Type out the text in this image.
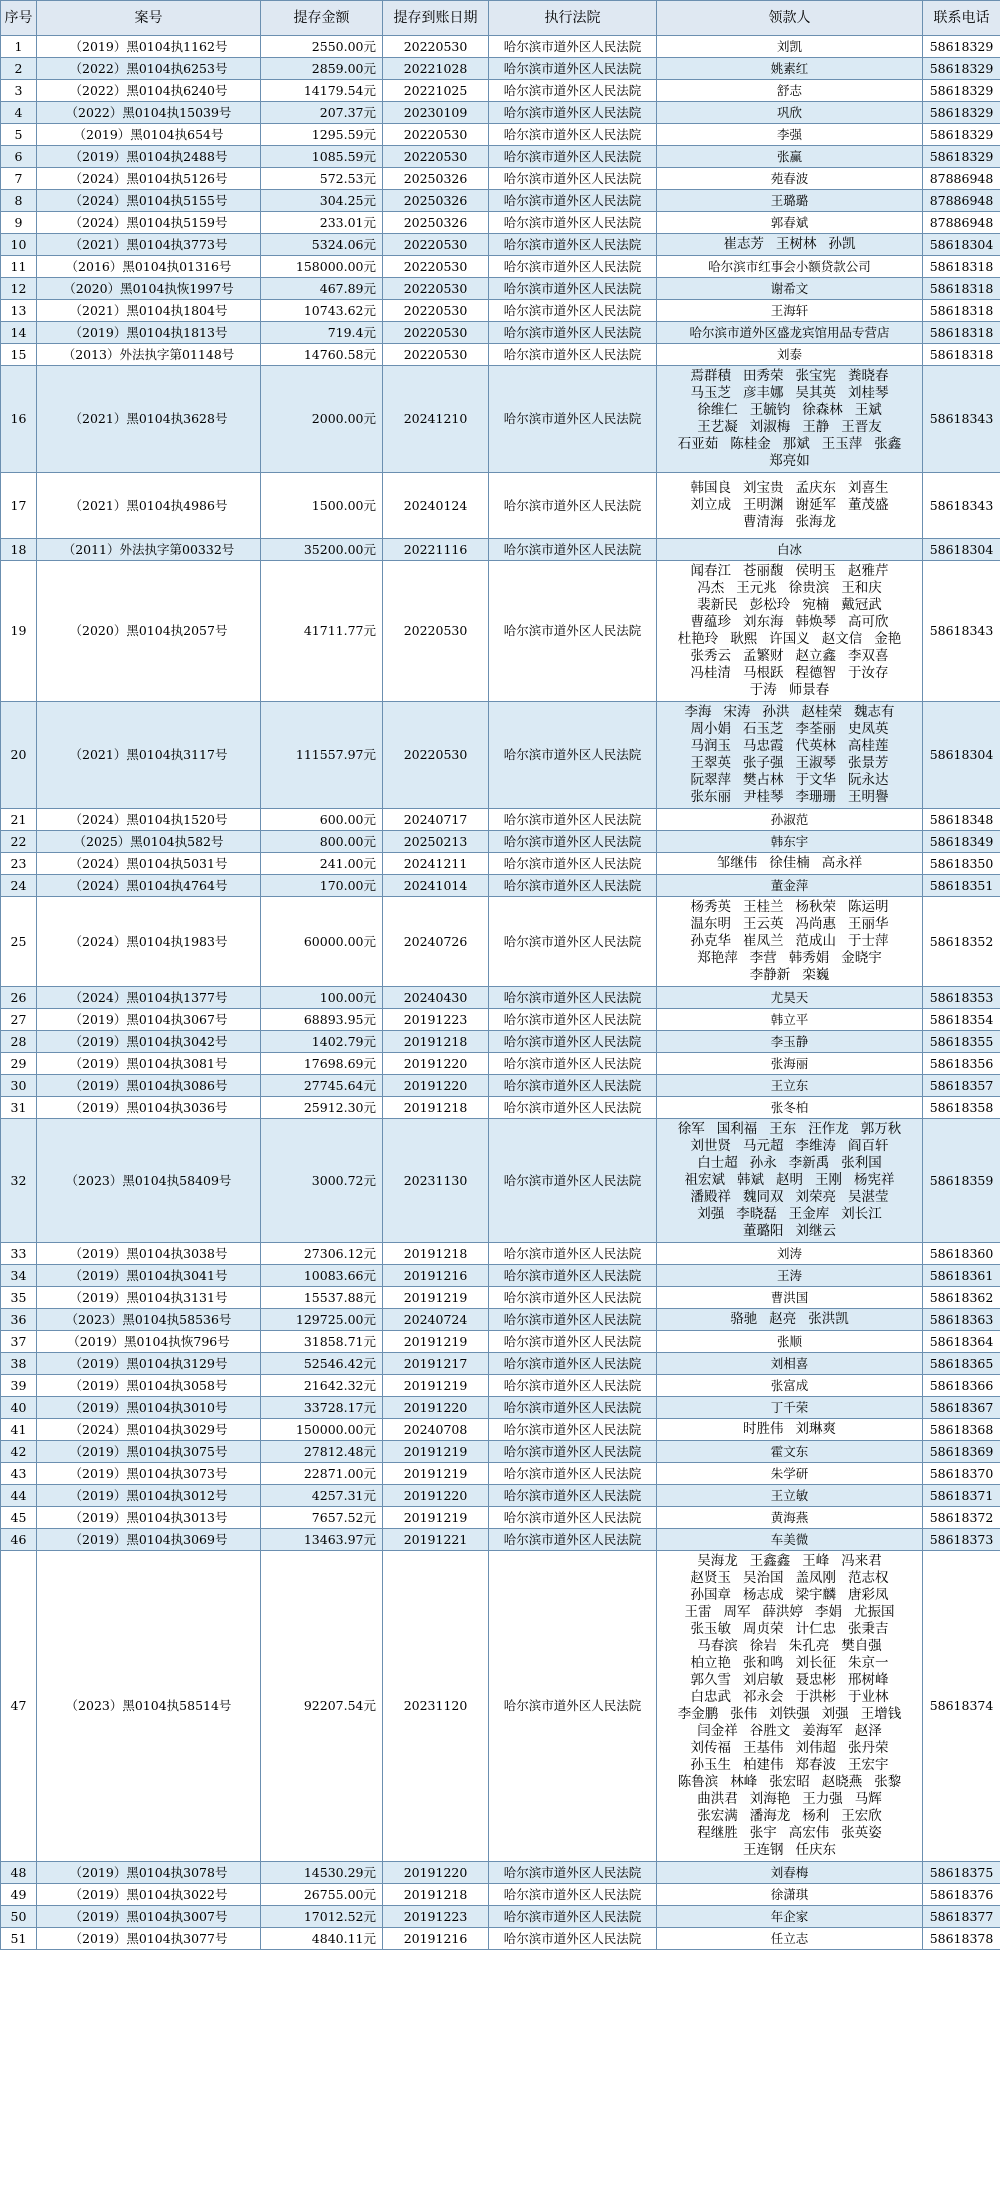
序号	案号	提存金额	提存到账日期	执行法院	领款人	联系电话
1	（2019）黑0104执1162号	2550.00元	20220530	哈尔滨市道外区人民法院	刘凯	58618329
2	（2022）黑0104执6253号	2859.00元	20221028	哈尔滨市道外区人民法院	姚素红	58618329
3	（2022）黑0104执6240号	14179.54元	20221025	哈尔滨市道外区人民法院	舒志	58618329
4	（2022）黑0104执15039号	207.37元	20230109	哈尔滨市道外区人民法院	巩欣	58618329
5	（2019）黑0104执654号	1295.59元	20220530	哈尔滨市道外区人民法院	李强	58618329
6	（2019）黑0104执2488号	1085.59元	20220530	哈尔滨市道外区人民法院	张赢	58618329
7	（2024）黑0104执5126号	572.53元	20250326	哈尔滨市道外区人民法院	苑春波	87886948
8	（2024）黑0104执5155号	304.25元	20250326	哈尔滨市道外区人民法院	王璐璐	87886948
9	（2024）黑0104执5159号	233.01元	20250326	哈尔滨市道外区人民法院	郭春斌	87886948
10	（2021）黑0104执3773号	5324.06元	20220530	哈尔滨市道外区人民法院	崔志芳 王树林 孙凯	58618304
11	（2016）黑0104执01316号	158000.00元	20220530	哈尔滨市道外区人民法院	哈尔滨市红事会小额贷款公司	58618318
12	（2020）黑0104执恢1997号	467.89元	20220530	哈尔滨市道外区人民法院	谢希文	58618318
13	（2021）黑0104执1804号	10743.62元	20220530	哈尔滨市道外区人民法院	王海轩	58618318
14	（2019）黑0104执1813号	719.4元	20220530	哈尔滨市道外区人民法院	哈尔滨市道外区盛龙宾馆用品专营店	58618318
15	（2013）外法执字第01148号	14760.58元	20220530	哈尔滨市道外区人民法院	刘泰	58618318
16	（2021）黑0104执3628号	2000.00元	20241210	哈尔滨市道外区人民法院	焉群積 田秀荣 张宝宪 粪晓春马玉芝 彦丰娜 吴其英 刘桂琴徐维仁 王毓钧 徐森林 王斌王艺凝 刘淑梅 王静 王晋友石亚茹 陈桂金 那斌 王玉萍 张鑫郑亮如	58618343
17	（2021）黑0104执4986号	1500.00元	20240124	哈尔滨市道外区人民法院	韩国良 刘宝贵 孟庆东 刘喜生刘立成 王明渊 谢延军 董茂盛曹清海 张海龙	58618343
18	（2011）外法执字第00332号	35200.00元	20221116	哈尔滨市道外区人民法院	白冰	58618304
19	（2020）黑0104执2057号	41711.77元	20220530	哈尔滨市道外区人民法院	闻春江 苍丽馥 侯明玉 赵雅芹冯杰 王元兆 徐贵滨 王和庆裴新民 彭松玲 宛楠 戴冠武曹蕴珍 刘东海 韩焕琴 高可欣杜艳玲 耿熙 许国义 赵文信 金艳张秀云 孟繁财 赵立鑫 李双喜冯桂清 马根跃 程德智 于汝存于涛 师景春	58618343
20	（2021）黑0104执3117号	111557.97元	20220530	哈尔滨市道外区人民法院	李海 宋涛 孙洪 赵桂荣 魏志有周小娟 石玉芝 李荃丽 史凤英马润玉 马忠霞 代英林 高桂莲王翠英 张子强 王淑琴 张景芳阮翠萍 樊占林 于文华 阮永达张东丽 尹桂琴 李珊珊 王明譽	58618304
21	（2024）黑0104执1520号	600.00元	20240717	哈尔滨市道外区人民法院	孙淑范	58618348
22	（2025）黑0104执582号	800.00元	20250213	哈尔滨市道外区人民法院	韩东宇	58618349
23	（2024）黑0104执5031号	241.00元	20241211	哈尔滨市道外区人民法院	邹继伟 徐佳楠 高永祥	58618350
24	（2024）黑0104执4764号	170.00元	20241014	哈尔滨市道外区人民法院	董金萍	58618351
25	（2024）黑0104执1983号	60000.00元	20240726	哈尔滨市道外区人民法院	杨秀英 王桂兰 杨秋荣 陈运明温东明 王云英 冯尚惠 王丽华孙克华 崔凤兰 范成山 于士萍郑艳萍 李营 韩秀娟 金晓宇李静新 栾巍	58618352
26	（2024）黑0104执1377号	100.00元	20240430	哈尔滨市道外区人民法院	尤昊天	58618353
27	（2019）黑0104执3067号	68893.95元	20191223	哈尔滨市道外区人民法院	韩立平	58618354
28	（2019）黑0104执3042号	1402.79元	20191218	哈尔滨市道外区人民法院	李玉静	58618355
29	（2019）黑0104执3081号	17698.69元	20191220	哈尔滨市道外区人民法院	张海丽	58618356
30	（2019）黑0104执3086号	27745.64元	20191220	哈尔滨市道外区人民法院	王立东	58618357
31	（2019）黑0104执3036号	25912.30元	20191218	哈尔滨市道外区人民法院	张冬柏	58618358
32	（2023）黑0104执58409号	3000.72元	20231130	哈尔滨市道外区人民法院	徐军 国利福 王东 汪作龙 郭万秋刘世贤 马元超 李维涛 阎百轩白士超 孙永 李新禹 张利国祖宏斌 韩斌 赵明 王刚 杨宪祥潘殿祥 魏同双 刘荣亮 吴湛莹刘强 李晓磊 王金库 刘长江董璐阳 刘继云	58618359
33	（2019）黑0104执3038号	27306.12元	20191218	哈尔滨市道外区人民法院	刘涛	58618360
34	（2019）黑0104执3041号	10083.66元	20191216	哈尔滨市道外区人民法院	王涛	58618361
35	（2019）黑0104执3131号	15537.88元	20191219	哈尔滨市道外区人民法院	曹洪国	58618362
36	（2023）黑0104执58536号	129725.00元	20240724	哈尔滨市道外区人民法院	骆驰 赵亮 张洪凯	58618363
37	（2019）黑0104执恢796号	31858.71元	20191219	哈尔滨市道外区人民法院	张顺	58618364
38	（2019）黑0104执3129号	52546.42元	20191217	哈尔滨市道外区人民法院	刘相喜	58618365
39	（2019）黑0104执3058号	21642.32元	20191219	哈尔滨市道外区人民法院	张富成	58618366
40	（2019）黑0104执3010号	33728.17元	20191220	哈尔滨市道外区人民法院	丁千荣	58618367
41	（2024）黑0104执3029号	150000.00元	20240708	哈尔滨市道外区人民法院	时胜伟 刘琳爽	58618368
42	（2019）黑0104执3075号	27812.48元	20191219	哈尔滨市道外区人民法院	霍文东	58618369
43	（2019）黑0104执3073号	22871.00元	20191219	哈尔滨市道外区人民法院	朱学研	58618370
44	（2019）黑0104执3012号	4257.31元	20191220	哈尔滨市道外区人民法院	王立敏	58618371
45	（2019）黑0104执3013号	7657.52元	20191219	哈尔滨市道外区人民法院	黄海燕	58618372
46	（2019）黑0104执3069号	13463.97元	20191221	哈尔滨市道外区人民法院	车美微	58618373
47	（2023）黑0104执58514号	92207.54元	20231120	哈尔滨市道外区人民法院	吴海龙 王鑫鑫 王峰 冯来君赵贤玉 吴治国 盖凤刚 范志权孙国章 杨志成 梁宇麟 唐彩凤王雷 周军 薛洪婷 李娟 尤振国张玉敏 周贞荣 计仁忠 张秉吉马春滨 徐岩 朱孔亮 樊自强柏立艳 张和鸣 刘长征 朱京一郭久雪 刘启敏 聂忠彬 邢树峰白忠武 祁永会 于洪彬 于业林李金鹏 张伟 刘铁强 刘强 王增钱闫金祥 谷胜文 姜海军 赵泽刘传福 王基伟 刘伟超 张丹荣孙玉生 柏建伟 郑春波 王宏宇陈鲁滨 林峰 张宏昭 赵晓燕 张黎曲洪君 刘海艳 王力强 马辉张宏满 潘海龙 杨利 王宏欣程继胜 张宇 高宏伟 张英姿王连钢 任庆东	58618374
48	（2019）黑0104执3078号	14530.29元	20191220	哈尔滨市道外区人民法院	刘春梅	58618375
49	（2019）黑0104执3022号	26755.00元	20191218	哈尔滨市道外区人民法院	徐潇琪	58618376
50	（2019）黑0104执3007号	17012.52元	20191223	哈尔滨市道外区人民法院	年企家	58618377
51	（2019）黑0104执3077号	4840.11元	20191216	哈尔滨市道外区人民法院	任立志	58618378
